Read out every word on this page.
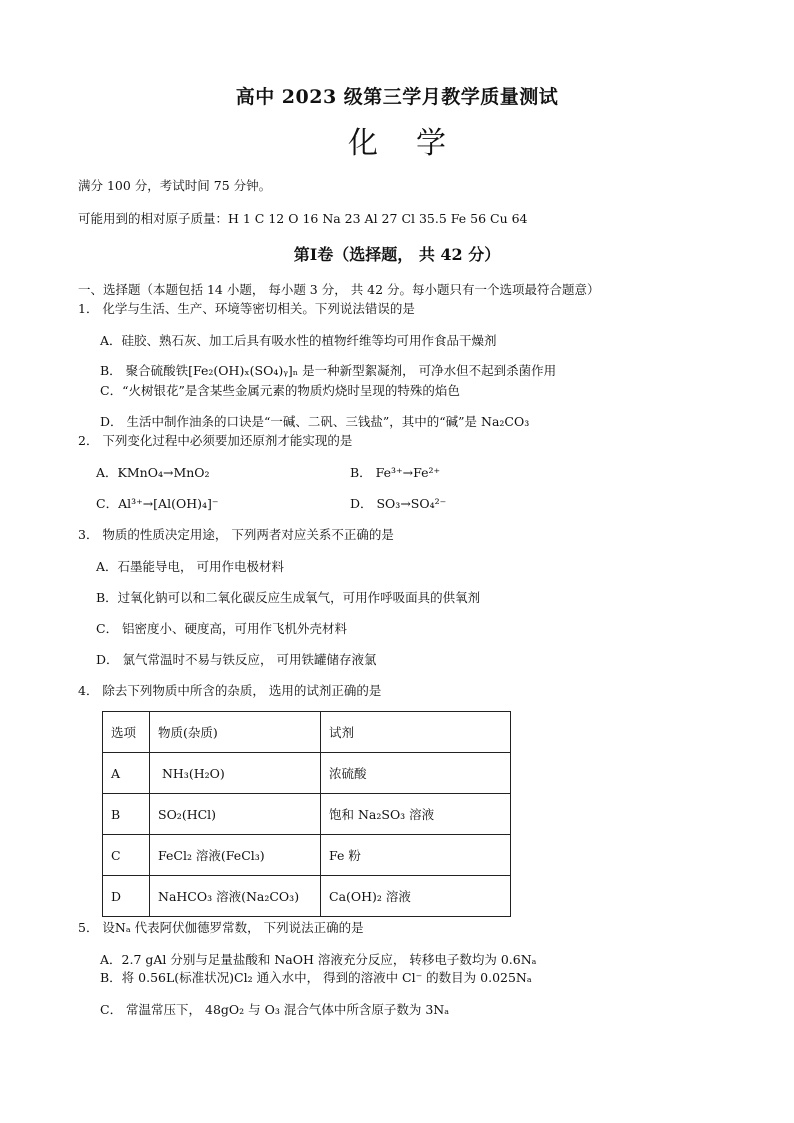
高中 2023 级第三学月教学质量测试
化学
满分 100 分，考试时间 75 分钟。
可能用到的相对原子质量：H 1 C 12 O 16 Na 23 Al 27 Cl 35.5 Fe 56 Cu 64
第Ⅰ卷（选择题， 共 42 分）
一、选择题（本题包括 14 小题， 每小题 3 分， 共 42 分。每小题只有一个选项最符合题意）
1． 化学与生活、生产、环境等密切相关。下列说法错误的是
A．硅胶、熟石灰、加工后具有吸水性的植物纤维等均可用作食品干燥剂
B． 聚合硫酸铁[Fe₂(OH)ₓ(SO₄)ᵧ]ₙ 是一种新型絮凝剂， 可净水但不起到杀菌作用
C．“火树银花”是含某些金属元素的物质灼烧时呈现的特殊的焰色
D． 生活中制作油条的口诀是“一碱、二矾、三钱盐”，其中的“碱”是 Na₂CO₃
2． 下列变化过程中必须要加还原剂才能实现的是
A．KMnO₄→MnO₂	B． Fe³⁺→Fe²⁺
C．Al³⁺→[Al(OH)₄]⁻	D． SO₃→SO₄²⁻
3． 物质的性质决定用途， 下列两者对应关系不正确的是
A．石墨能导电， 可用作电极材料
B．过氧化钠可以和二氧化碳反应生成氧气，可用作呼吸面具的供氧剂
C． 铝密度小、硬度高，可用作飞机外壳材料
D． 氯气常温时不易与铁反应， 可用铁罐储存液氯
4． 除去下列物质中所含的杂质， 选用的试剂正确的是
选项	物质(杂质)	试剂
A	NH₃(H₂O)	浓硫酸
B	SO₂(HCl)	饱和 Na₂SO₃ 溶液
C	FeCl₂ 溶液(FeCl₃)	Fe 粉
D	NaHCO₃ 溶液(Na₂CO₃)	Ca(OH)₂ 溶液
5． 设Nₐ 代表阿伏伽德罗常数， 下列说法正确的是
A．2.7 gAl 分别与足量盐酸和 NaOH 溶液充分反应， 转移电子数均为 0.6Nₐ
B．将 0.56L(标准状况)Cl₂ 通入水中， 得到的溶液中 Cl⁻ 的数目为 0.025Nₐ
C． 常温常压下， 48gO₂ 与 O₃ 混合气体中所含原子数为 3Nₐ
